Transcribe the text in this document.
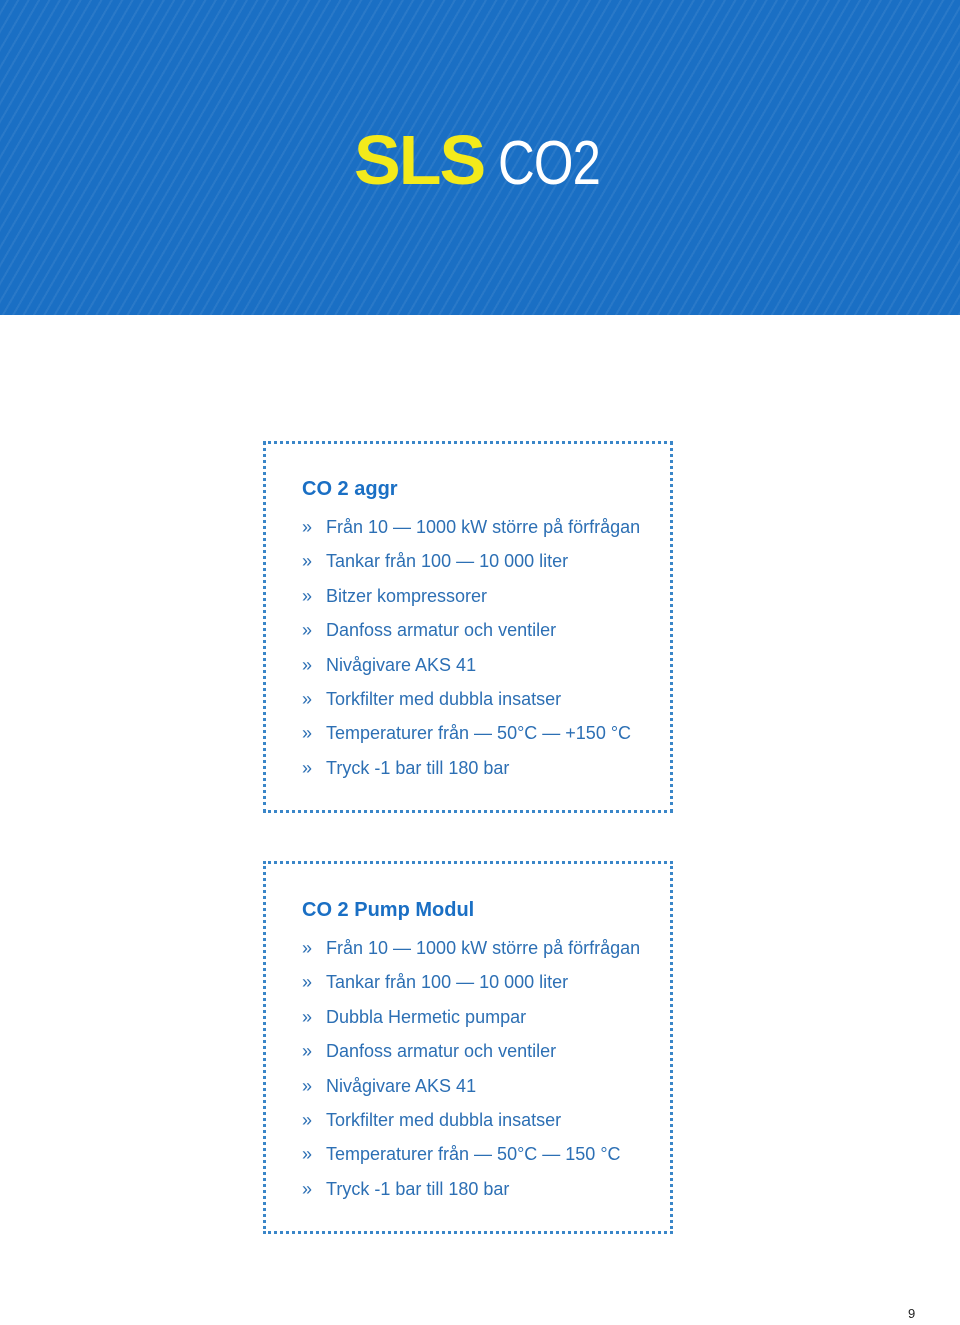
SLS CO2
CO 2 aggr
» Från 10 — 1000 kW större på förfrågan
» Tankar från 100 — 10 000 liter
» Bitzer kompressorer
» Danfoss armatur och ventiler
» Nivågivare AKS 41
» Torkfilter med dubbla insatser
» Temperaturer från — 50°C — +150 °C
» Tryck -1 bar till 180 bar
CO 2 Pump Modul
» Från 10 — 1000 kW större på förfrågan
» Tankar från 100 — 10 000 liter
» Dubbla Hermetic pumpar
» Danfoss armatur och ventiler
» Nivågivare AKS 41
» Torkfilter med dubbla insatser
» Temperaturer från — 50°C — 150 °C
» Tryck -1 bar till 180 bar
9
